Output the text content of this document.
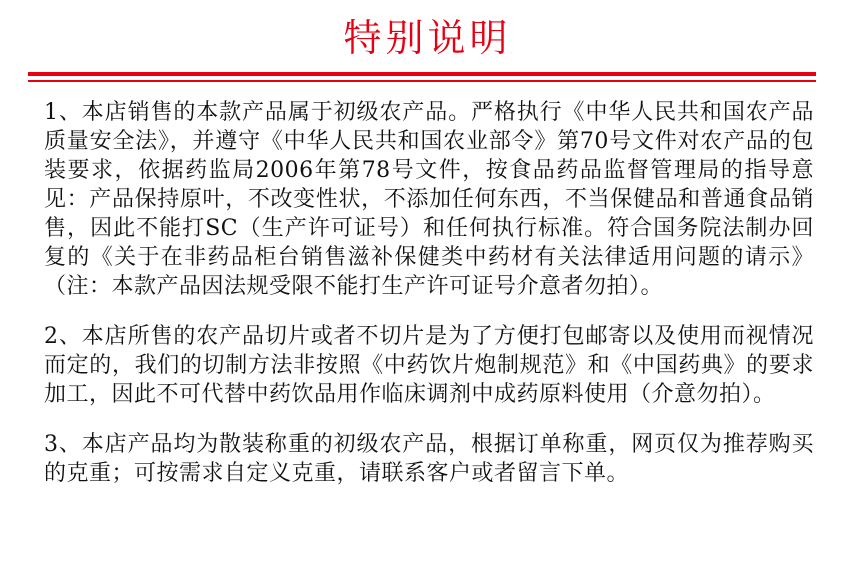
特别说明

1、本店销售的本款产品属于初级农产品。严格执行《中华人民共和国农产品质量安全法》，并遵守《中华人民共和国农业部令》第70号文件对农产品的包装要求，依据药监局2006年第78号文件，按食品药品监督管理局的指导意见：产品保持原叶，不改变性状，不添加任何东西，不当保健品和普通食品销售，因此不能打SC（生产许可证号）和任何执行标准。符合国务院法制办回复的《关于在非药品柜台销售滋补保健类中药材有关法律适用问题的请示》（注：本款产品因法规受限不能打生产许可证号介意者勿拍）。

2、本店所售的农产品切片或者不切片是为了方便打包邮寄以及使用而视情况而定的，我们的切制方法非按照《中药饮片炮制规范》和《中国药典》的要求加工，因此不可代替中药饮品用作临床调剂中成药原料使用（介意勿拍）。

3、本店产品均为散装称重的初级农产品，根据订单称重，网页仅为推荐购买的克重；可按需求自定义克重，请联系客户或者留言下单。
